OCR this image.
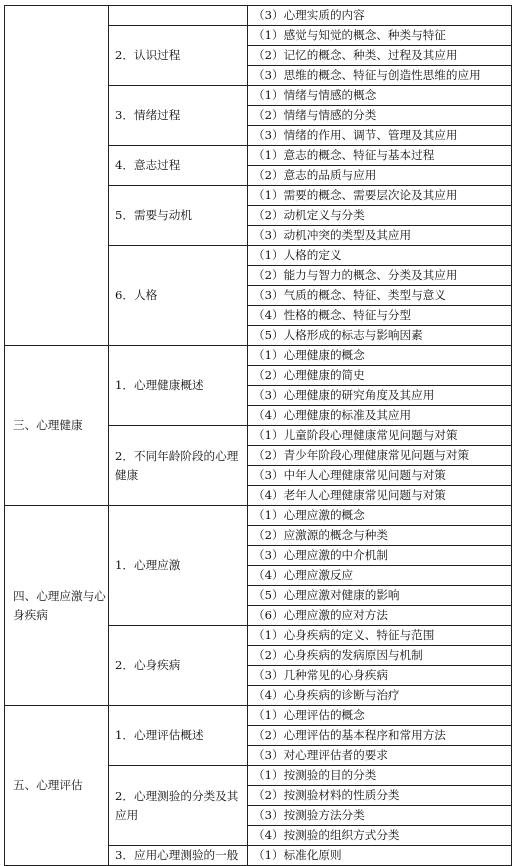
		（3）心理实质的内容
	2．认识过程	（1）感觉与知觉的概念、种类与特征
		（2）记忆的概念、种类、过程及其应用
		（3）思维的概念、特征与创造性思维的应用
	3．情绪过程	（1）情绪与情感的概念
		（2）情绪与情感的分类
		（3）情绪的作用、调节、管理及其应用
	4．意志过程	（1）意志的概念、特征与基本过程
		（2）意志的品质与应用
	5．需要与动机	（1）需要的概念、需要层次论及其应用
		（2）动机定义与分类
		（3）动机冲突的类型及其应用
	6．人格	（1）人格的定义
		（2）能力与智力的概念、分类及其应用
		（3）气质的概念、特征、类型与意义
		（4）性格的概念、特征与分型
		（5）人格形成的标志与影响因素
三、心理健康	1．心理健康概述	（1）心理健康的概念
		（2）心理健康的简史
		（3）心理健康的研究角度及其应用
		（4）心理健康的标准及其应用
	2．不同年龄阶段的心理健康	（1）儿童阶段心理健康常见问题与对策
		（2）青少年阶段心理健康常见问题与对策
		（3）中年人心理健康常见问题与对策
		（4）老年人心理健康常见问题与对策
四、心理应激与心身疾病	1．心理应激	（1）心理应激的概念
		（2）应激源的概念与种类
		（3）心理应激的中介机制
		（4）心理应激反应
		（5）心理应激对健康的影响
		（6）心理应激的应对方法
	2．心身疾病	（1）心身疾病的定义、特征与范围
		（2）心身疾病的发病原因与机制
		（3）几种常见的心身疾病
		（4）心身疾病的诊断与治疗
五、心理评估	1．心理评估概述	（1）心理评估的概念
		（2）心理评估的基本程序和常用方法
		（3）对心理评估者的要求
	2．心理测验的分类及其应用	（1）按测验的目的分类
		（2）按测验材料的性质分类
		（3）按测验方法分类
		（4）按测验的组织方式分类
	3．应用心理测验的一般	（1）标准化原则
